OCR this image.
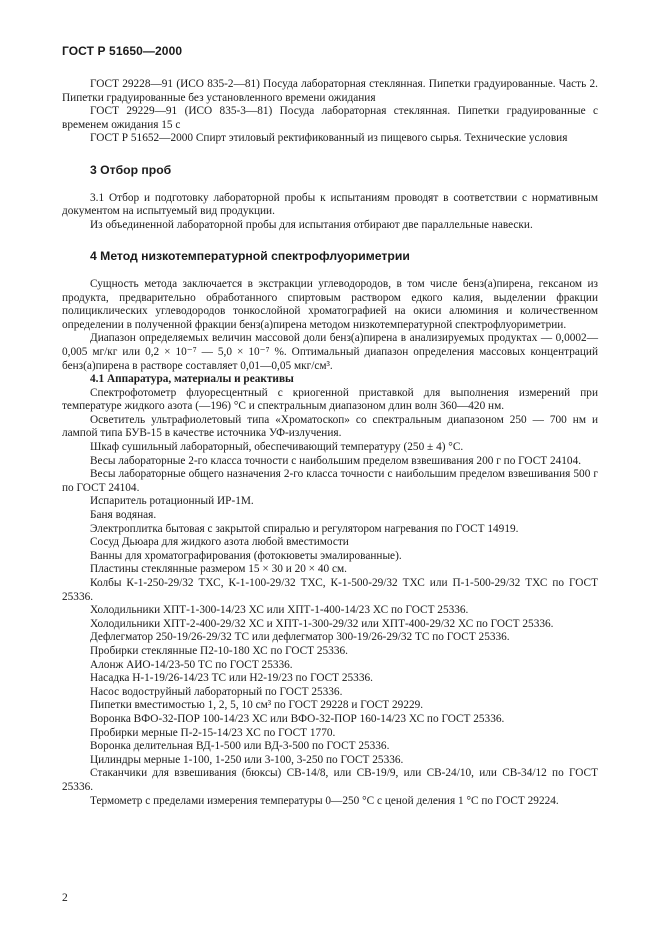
ГОСТ Р 51650—2000

ГОСТ 29228—91 (ИСО 835-2—81) Посуда лабораторная стеклянная. Пипетки градуированные. Часть 2. Пипетки градуированные без установленного времени ожидания

ГОСТ 29229—91 (ИСО 835-3—81) Посуда лабораторная стеклянная. Пипетки градуированные с временем ожидания 15 с

ГОСТ Р 51652—2000 Спирт этиловый ректификованный из пищевого сырья. Технические условия

3 Отбор проб

3.1 Отбор и подготовку лабораторной пробы к испытаниям проводят в соответствии с нормативным документом на испытуемый вид продукции.

Из объединенной лабораторной пробы для испытания отбирают две параллельные навески.

4 Метод низкотемпературной спектрофлуориметрии

Сущность метода заключается в экстракции углеводородов, в том числе бенз(а)пирена, гексаном из продукта, предварительно обработанного спиртовым раствором едкого калия, выделении фракции полициклических углеводородов тонкослойной хроматографией на окиси алюминия и количественном определении в полученной фракции бенз(а)пирена методом низкотемпературной спектрофлуориметрии.

Диапазон определяемых величин массовой доли бенз(а)пирена в анализируемых продуктах — 0,0002—0,005 мг/кг или 0,2 × 10⁻⁷ — 5,0 × 10⁻⁷ %. Оптимальный диапазон определения массовых концентраций бенз(а)пирена в растворе составляет 0,01—0,05 мкг/см³.

4.1 Аппаратура, материалы и реактивы

Спектрофотометр флуоресцентный с криогенной приставкой для выполнения измерений при температуре жидкого азота (—196) °С и спектральным диапазоном длин волн 360—420 нм.

Осветитель ультрафиолетовый типа «Хроматоскоп» со спектральным диапазоном 250 — 700 нм и лампой типа БУВ-15 в качестве источника УФ-излучения.

Шкаф сушильный лабораторный, обеспечивающий температуру (250 ± 4) °С.

Весы лабораторные 2-го класса точности с наибольшим пределом взвешивания 200 г по ГОСТ 24104.

Весы лабораторные общего назначения 2-го класса точности с наибольшим пределом взвешивания 500 г по ГОСТ 24104.

Испаритель ротационный ИР-1М.

Баня водяная.

Электроплитка бытовая с закрытой спиралью и регулятором нагревания по ГОСТ 14919.

Сосуд Дьюара для жидкого азота любой вместимости

Ванны для хроматографирования (фотокюветы эмалированные).

Пластины стеклянные размером 15 × 30 и 20 × 40 см.

Колбы К-1-250-29/32 ТХС, К-1-100-29/32 ТХС, К-1-500-29/32 ТХС или П-1-500-29/32 ТХС по ГОСТ 25336.

Холодильники ХПТ-1-300-14/23 ХС или ХПТ-1-400-14/23 ХС по ГОСТ 25336.

Холодильники ХПТ-2-400-29/32 ХС и ХПТ-1-300-29/32 или ХПТ-400-29/32 ХС по ГОСТ 25336.

Дефлегматор 250-19/26-29/32 ТС или дефлегматор 300-19/26-29/32 ТС по ГОСТ 25336.

Пробирки стеклянные П2-10-180 ХС по ГОСТ 25336.

Алонж АИО-14/23-50 ТС по ГОСТ 25336.

Насадка Н-1-19/26-14/23 ТС или Н2-19/23 по ГОСТ 25336.

Насос водоструйный лабораторный по ГОСТ 25336.

Пипетки вместимостью 1, 2, 5, 10 см³ по ГОСТ 29228 и ГОСТ 29229.

Воронка ВФО-32-ПОР 100-14/23 ХС или ВФО-32-ПОР 160-14/23 ХС по ГОСТ 25336.

Пробирки мерные П-2-15-14/23 ХС по ГОСТ 1770.

Воронка делительная ВД-1-500 или ВД-3-500 по ГОСТ 25336.

Цилиндры мерные 1-100, 1-250 или 3-100, 3-250 по ГОСТ 25336.

Стаканчики для взвешивания (бюксы) СВ-14/8, или СВ-19/9, или СВ-24/10, или СВ-34/12 по ГОСТ 25336.

Термометр с пределами измерения температуры 0—250 °С с ценой деления 1 °С по ГОСТ 29224.

2
